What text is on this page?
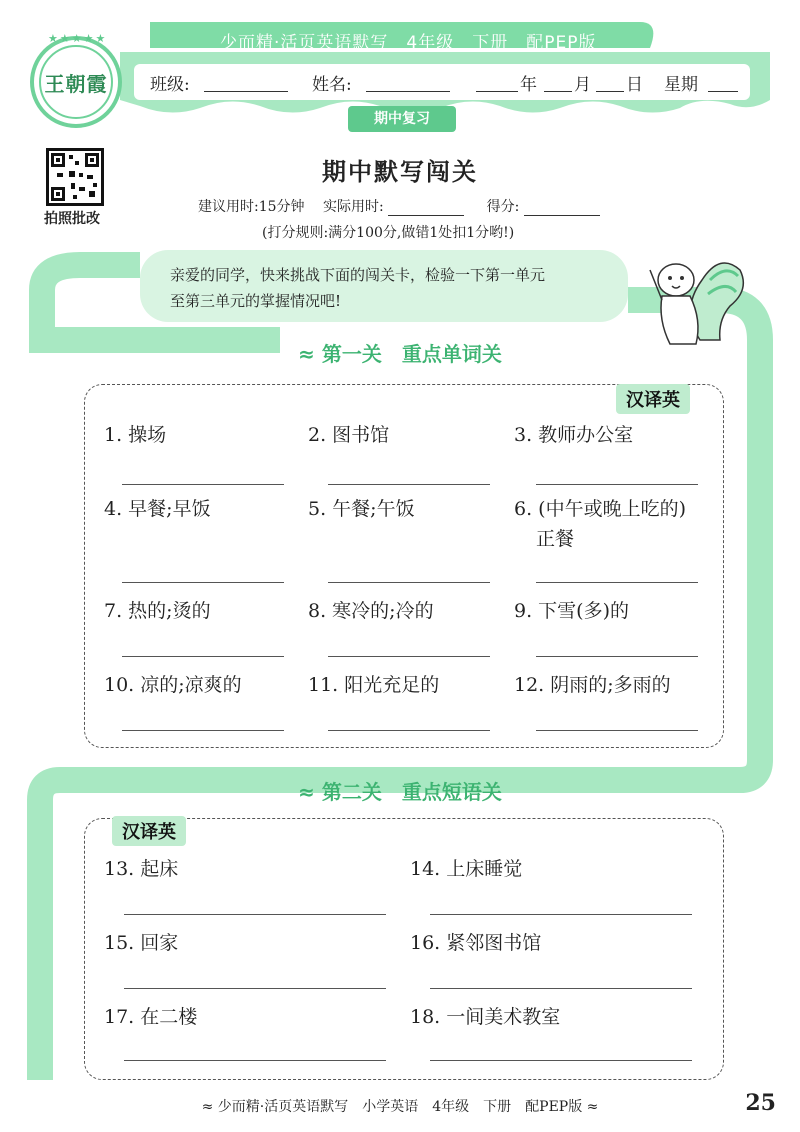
★★★★★
王朝霞
少而精·活页英语默写　4年级　下册　配PEP版
班级:	姓名:	年 月 日 星期
期中复习
拍照批改
期中默写闯关
建议用时:15分钟 实际用时:	得分:
(打分规则:满分100分,做错1处扣1分哟!)
亲爱的同学，快来挑战下面的闯关卡，检验一下第一单元
至第三单元的掌握情况吧!
≈ 第一关　重点单词关
汉译英
1. 操场	2. 图书馆	3. 教师办公室
4. 早餐;早饭	5. 午餐;午饭	6. (中午或晚上吃的)
正餐
7. 热的;烫的	8. 寒冷的;冷的	9. 下雪(多)的
10. 凉的;凉爽的	11. 阳光充足的	12. 阴雨的;多雨的
≈ 第二关　重点短语关
汉译英
13. 起床	14. 上床睡觉
15. 回家	16. 紧邻图书馆
17. 在二楼	18. 一间美术教室
≈ 少而精·活页英语默写　小学英语　4年级　下册　配PEP版 ≈	25
